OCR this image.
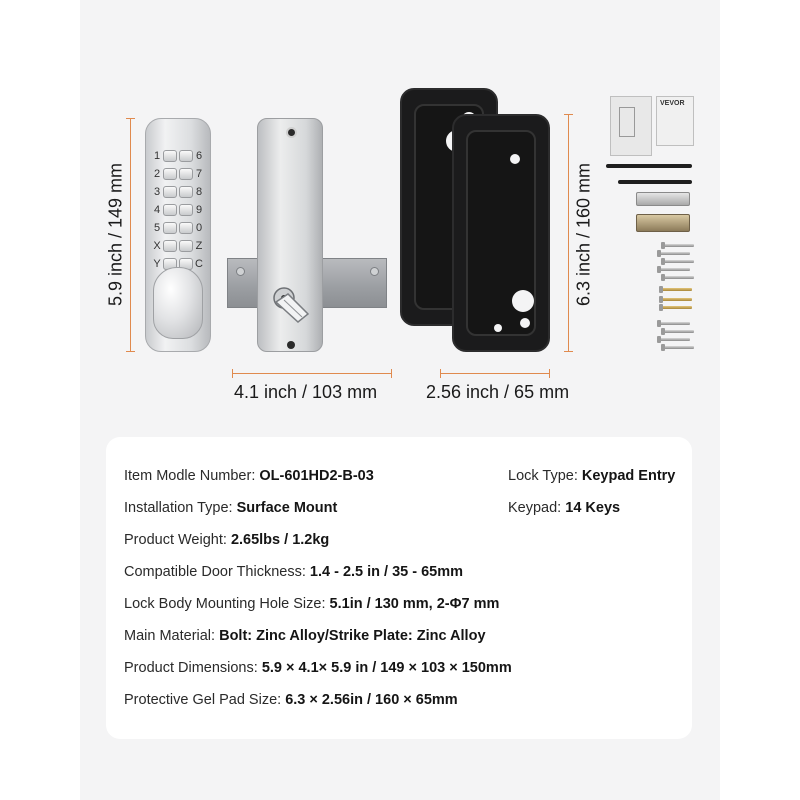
5.9 inch / 149 mm
1	6
2	7
3	8
4	9
5	0
X	Z
Y	C
4.1 inch / 103 mm
6.3 inch / 160 mm
2.56 inch / 65 mm
VEVOR
Item Modle Number: OL-601HD2-B-03
Installation Type: Surface Mount
Product Weight: 2.65lbs / 1.2kg
Compatible Door Thickness: 1.4 - 2.5 in / 35 - 65mm
Lock Body Mounting Hole Size: 5.1in / 130 mm, 2-Φ7 mm
Main Material: Bolt: Zinc Alloy/Strike Plate: Zinc Alloy
Product Dimensions: 5.9 × 4.1× 5.9 in / 149 × 103 × 150mm
Protective Gel Pad Size: 6.3 × 2.56in / 160 × 65mm
Lock Type: Keypad Entry
Keypad: 14 Keys
